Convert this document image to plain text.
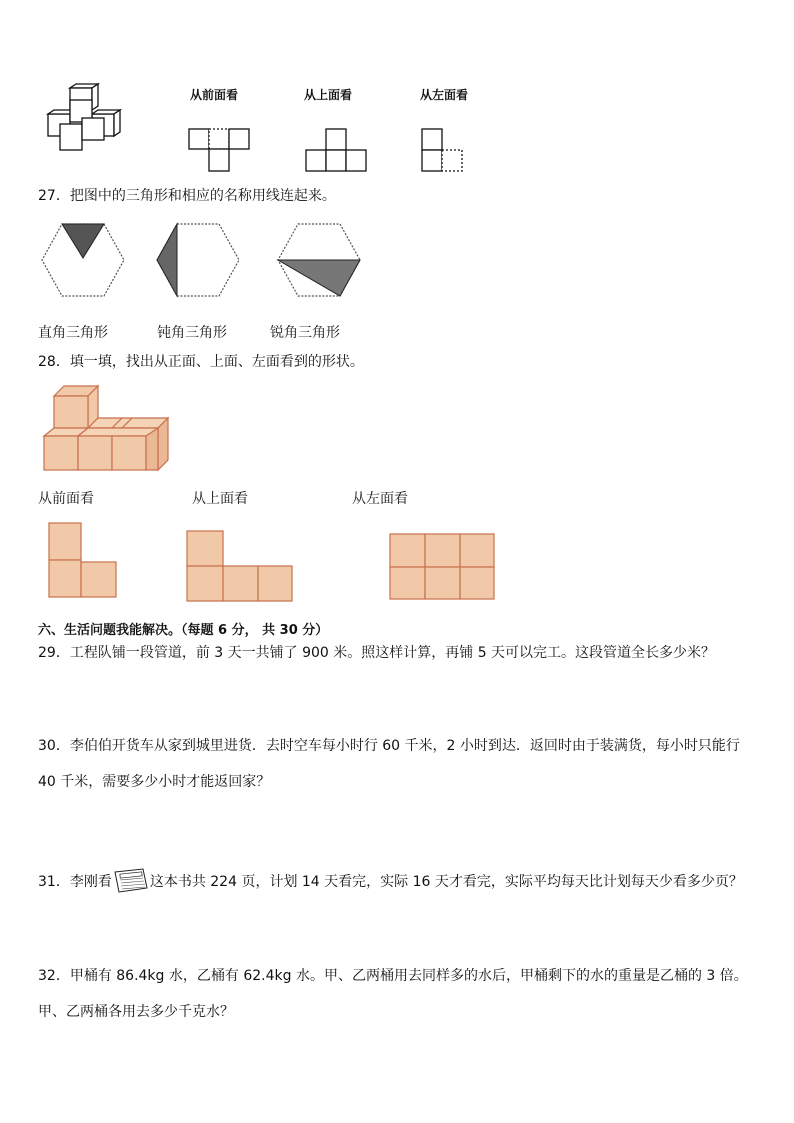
从前面看	从上面看	从左面看
27．把图中的三角形和相应的名称用线连起来。
直角三角形	钝角三角形	锐角三角形
28．填一填，找出从正面、上面、左面看到的形状。
从前面看	从上面看	从左面看
六、生活问题我能解决。（每题 6 分， 共 30 分）
29．工程队铺一段管道，前 3 天一共铺了 900 米。照这样计算，再铺 5 天可以完工。这段管道全长多少米？
30．李伯伯开货车从家到城里进货．去时空车每小时行 60 千米，2 小时到达．返回时由于装满货，每小时只能行 40 千米，需要多少小时才能返回家？
31．李刚看	这本书共 224 页，计划 14 天看完，实际 16 天才看完，实际平均每天比计划每天少看多少页？
32．甲桶有 86.4kg 水，乙桶有 62.4kg 水。甲、乙两桶用去同样多的水后，甲桶剩下的水的重量是乙桶的 3 倍。甲、乙两桶各用去多少千克水？
